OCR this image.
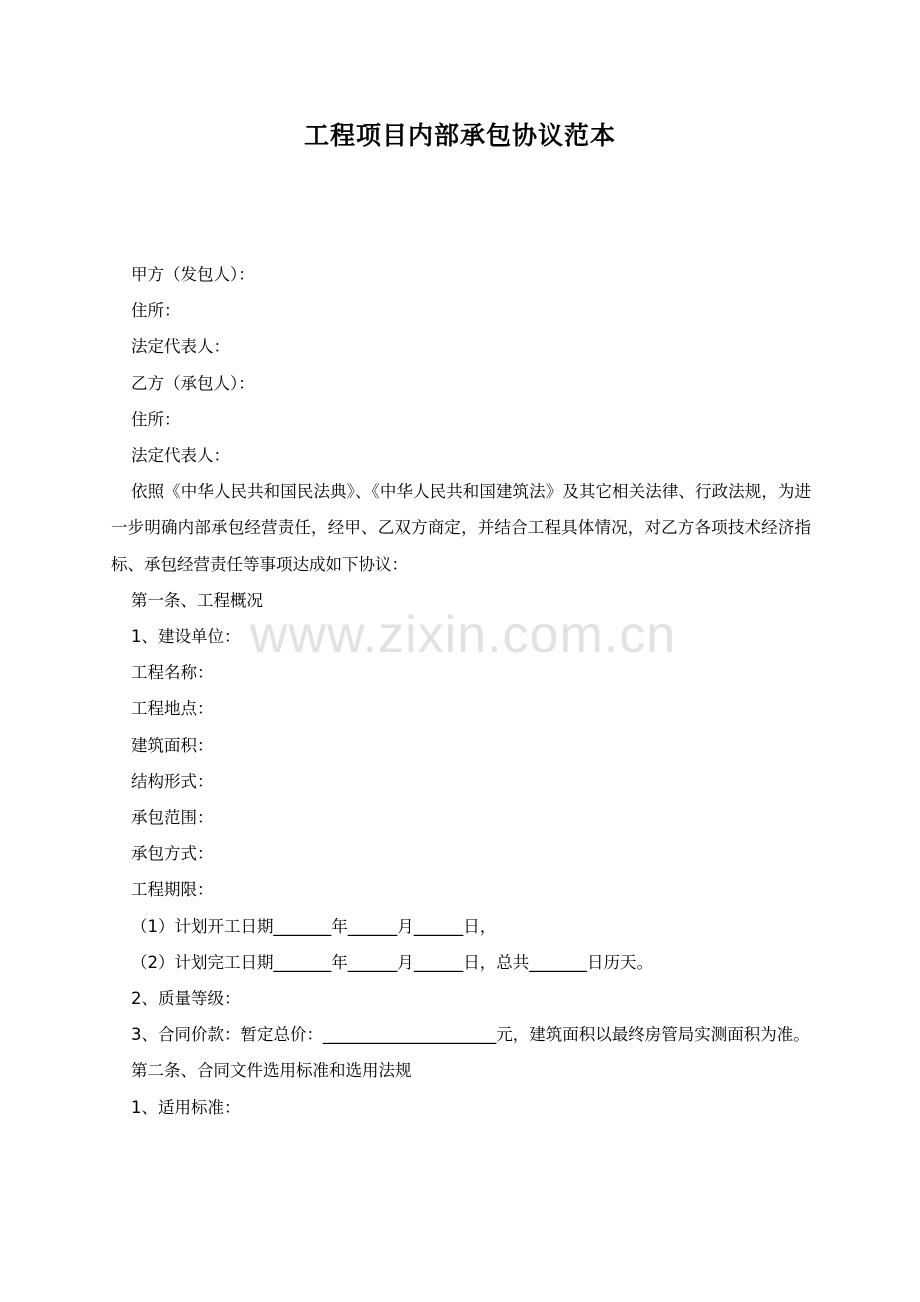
工程项目内部承包协议范本

甲方（发包人）：

住所：

法定代表人：

乙方（承包人）：

住所：

法定代表人：

依照《中华人民共和国民法典》、《中华人民共和国建筑法》及其它相关法律、行政法规，为进一步明确内部承包经营责任，经甲、乙双方商定，并结合工程具体情况，对乙方各项技术经济指标、承包经营责任等事项达成如下协议：

第一条、工程概况

1、建设单位：

工程名称：

工程地点：

建筑面积：

结构形式：

承包范围：

承包方式：

工程期限：

（1）计划开工日期_______年______月______日，

（2）计划完工日期_______年______月______日，总共_______日历天。

2、质量等级：

3、合同价款：暂定总价：_____________________元，建筑面积以最终房管局实测面积为准。

第二条、合同文件选用标准和选用法规

1、适用标准：

www.zixin.com.cn
